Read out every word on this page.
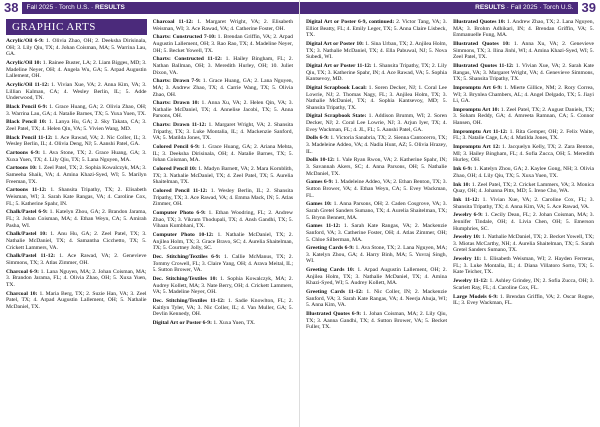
38	Fall 2025 · Torch U.S. · RESULTS
GRAPHIC ARTS

Acrylic/Oil 6-9: 1. Olivia Zhao, OH; 2. Deeksha Dirisinala, OH; 3. Lily Qiu, TX; 4. Johan Coisman, MA; 5. Warrina Lau, GA.

Acrylic/Oil 10: 1. Rainee Buster, LA; 2. Liam Bigges, MD; 3. Madeline Neyer, OH; 4. Angela Wu, GA; 5. Arpad Augustin Lallement, OH.

Acrylic/Oil 11-12: 1. Vivian Xue, VA; 2. Anna Kim, VA; 3. Lillian Kalman, CA; 4. Wesley Berlin, IL; 5. Adde Underwood, TN.

Black Pencil 6-9: 1. Grace Huang, GA; 2. Olivia Zhao, OH; 3. Warrina Lau, GA; 4. Natalie Barnes, TX; 5. Yuxa Yuen, TX.

Black Pencil 10: 1. Lanya Hu, GA; 2. Sky Takata, CA; 3. Zeel Patel, TX; 4. Helen Qin, VA; 5. Vivien Wang, MD.

Black Pencil 11-12: 1. Ace Rawad, VA; 2. Nic Coller, IL; 3. Wesley Berlin, IL; 4. Olivia Deng, NJ; 5. Aanshi Patel, GA.

Cartoons 6-9: 1. Ava Stone, TX; 2. Grace Huang, GA; 3. Xuxa Yuen, TX; 4. Lily Qiu, TX; 5. Lana Nguyen, MA.

Cartoons 10: 1. Zeel Patel, TX; 2. Sophia Kowalczyk, MA; 3. Sameeha Shaik, VA; 4. Amina Khazi-Syed, WI; 5. Marilyn Freeman, TX.

Cartoons 11-12: 1. Shansita Tripathy, TX; 2. Elisabeth Weisman, WI; 3. Sarah Kate Rangas, VA; 4. Caroline Cox, FL; 5. Katherine Spahr, IN.

Chalk/Pastel 6-9: 1. Katelyn Zhou, GA; 2. Brandon Jarama, FL; 3. Johan Coisman, MA; 4. Ethan Weyn, CA; 5. Amirah Pasha, WI.

Chalk/Pastel 10: 1. Anu Hu, GA; 2. Zeel Patel, TX; 3. Nathalie McDaniel, TX; 4. Samantha Cicchetto, TX; 5. Crickett Lammers, VA.

Chalk/Pastel 11-12: 1. Ace Rawad, VA; 2. Genevieve Simmons, TX; 3. Atlas Zimmer, OH.

Charcoal 6-9: 1. Lana Nguyen, MA; 2. Johan Coisman, MA; 3. Brandon Jarama, FL; 4. Olivia Zhao, OH; 5. Xuxa Yuen, TX.

Charcoal 10: 1. Maria Berg, TX; 2. Suzie Han, VA; 3. Zeel Patel, TX; 4. Arpad Augustin Lallement, OH; 5. Nathalie McDaniel, TX.

Charcoal 11-12: 1. Margaret Wright, VA; 2. Elisabeth Weisman, WI; 3. Ace Rawad, VA; 4. Catherine Foster, OH.

Charts: Constructed 7-10: 1. Brendan Griffin, VA; 2. Arpad Augustin Lallement, OH; 3. Rao Rao, TX; 4. Madeline Neyer, OH; 5. Becket Yowell, TX.

Charts: Constructed 11-12: 1. Hailey Bingham, FL; 2. Nathan Ballman, OH; 3. Meredith Hurley, OH; 10. Juliet Dixon, VA.

Charts: Drawn 7-9: 1. Grace Huang, GA; 2. Lana Nguyen, MA; 3. Andrew Zhao, TX; 4. Carrie Wang, TX; 5. Olivia Zhao, OH.

Charts: Drawn 10: 1. Anna Xu, VA; 2. Helen Qin, VA; 3. Nathalie McDaniel, TX; 4. Annelise Jacobi, TX; 5. Anna Parsons, OH.

Charts: Drawn 11-12: 1. Margaret Wright, VA; 2. Shansita Tripathy, TX; 3. Luke Montalia, IL; 4. Mackenzie Sanford, VA; 5. Matilda Jones, TX.

Colored Pencil 6-9: 1. Grace Huang, GA; 2. Ariana Mehta, IL; 3. Deeksha Dirisinala, OH; 4. Natalie Barnes, TX; 5. Johan Coisman, MA.

Colored Pencil 10: 1. Madyn Barnett, VA; 2. Mara Kornblith, TX; 3. Nathalie McDaniel, TX; 4. Zeel Patel, TX; 5. Aurelia Shaitelman, TX.

Colored Pencil 11-12: 1. Wesley Berlin, IL; 2. Shansita Tripathy, TX; 3. Ace Rawad, VA; 4. Emma Mack, IN; 5. Atlas Zimmer, OH.

Computer Photo 6-9: 1. Ethan Woodring, FL; 2. Andrew Zhao, TX; 3. Vikram Thodupali, TX; 4. Ansh Gandhi, TX; 5. Vihaan Kumbhani, TX.

Computer Photo 10-12: 1. Nathalie McDaniel, TX; 2. Anjilea Holm, TX; 3. Grace Bravo, SC; 4. Aurelia Shaitelman, TX; 5. Courtney Jolly, SC.

Dec. Stitching/Textiles 6-9: 1. Callie McManus, TX; 2. Tommy Crowell, FL; 3. Claire Yang, OH; 4. Arava Meital, IL; 5. Sutton Brower, VA.

Dec. Stitching/Textiles 10: 1. Sophia Kowalczyk, MA; 2. Audrey Kollett, MA; 3. Nate Berry, OH; 4. Crickett Lammers, VA; 5. Madeline Neyer, OH.

Dec. Stitching/Textiles 11-12: 1. Sadie Knowlton, FL; 2. Kaitlyn Tyler, VA; 3. Nic Coller, IL; 4. Van Muller, GA; 5. Devlin Kennedy, OH.

Digital Art or Poster 6-9: 1. Xuxa Yuen, TX.

RESULTS · Fall 2025 · Torch U.S. 39

Digital Art or Poster 6-9, continued: 2. Victor Tang, VA; 3. Elliot Beatty, FL; 4. Emily Leger, TX; 5. Anna Claire Lisbeck, TX.

Digital Art or Poster 10: 1. Sina Urban, TX; 2. Anjilea Holm, TX; 3. Nathalie McDaniel, TX; 4. Ella Pabuwal, NJ; 5. Nova Subedi, WI.

Digital Art or Poster 11-12: 1. Shansita Tripathy, TX; 2. Lily Qiu, TX; 3. Katherine Spahr, IN; 4. Ace Rawad, VA; 5. Sophia Kantsevoy, MD.

Digital Scrapbook Local: 1. Soren Decker, NJ; 1. Coral Lee Lowrie, NJ; 2. Thomas Nagy, FL; 3. Anjilea Holm, TX; 3. Nathalie McDaniel, TX; 4. Sophia Kantsevoy, MD; 5. Shansita Tripathy, TX.

Digital Scrapbook State: 1. Addison Brumm, WI; 2. Soren Decker, NJ; 2. Coral Lee Lowrie, NJ; 3. Arjun Iyer, TX; 4. Evey Wackman, FL; 4. JL, FL; 5. Aanshi Patel, GA.

Dolls 6-9: 1. Victoria Sanabria, TX; 2. Sienna Cantocerro, TX; 3. Madeleine Addeo, VA; 4. Nadia Hunt, AZ; 5. Olivia Hrazey, IL.

Dolls 10-12: 1. Vale Ryan Rwon, VA; 2. Katherine Spahr, IN; 3. Savannah Akers, SC; 4. Anna Parsons, OH; 5. Nathalie McDaniel, TX.

Games 6-9: 1. Madeleine Addeo, VA; 2. Ethan Benton, TX; 3. Sutton Brower, VA; 4. Ethan Weyn, CA; 5. Evey Wackman, FL.

Games 10: 1. Anna Parsons, OH; 2. Caden Cosgrove, VA; 3. Sarah Gretel Sanders Sumano, TX; 4. Aurelia Shaitelman, TX; 5. Brynn Bennett, MA.

Games 11-12: 1. Sarah Kate Rangas, VA; 2. Mackenzie Sanford, VA; 3. Catherine Foster, OH; 4. Atlas Zimmer, OH; 5. Chloe Silberman, MA.

Greeting Cards 6-9: 1. Ava Stone, TX; 2. Lana Nguyen, MA; 3. Katelyn Zhou, GA; 4. Harry Binh, MA; 5. Yuvraj Singh, WI.

Greeting Cards 10: 1. Arpad Augustin Lallement, OH; 2. Anjilea Holm, TX; 3. Nathalie McDaniel, TX; 4. Amina Khazi-Syed, WI; 5. Audrey Kollett, MA.

Greeting Cards 11-12: 1. Nic Coller, IN; 2. Mackenzie Sanford, VA; 3. Sarah Kate Rangas, VA; 4. Neerja Ahuja, WI; 5. Anna Kim, VA.

Illustrated Quotes 6-9: 1. Johan Coisman, MA; 2. Lily Qiu, TX; 3. Aanna Gandhi, TX; 4. Sutton Brower, VA; 5. Becket Fuller, TX.

Illustrated Quotes 10: 1. Andrew Zhao, TX; 2. Lana Nguyen, MA; 3. Brohm Adhikari, IN; 4. Brendan Griffin, VA; 5. Emmanuelle Fung, MA.

Illustrated Quotes 10: 1. Anna Xu, VA; 2. Genevieve Simmons, TX; 3. Ilina Jinhi, WI; 4. Amina Khazi-Syed, WI; 5. Zeel Patel, TX.

Illustrated Quotes 11-12: 1. Vivian Xue, VA; 2. Sarah Kate Rangas, VA; 3. Margaret Wright, VA; 4. Genevieve Simmons, TX; 5. Shansita Tripathy, TX.

Impromptu Art 6-9: 1. Mierte Gillice, NM; 2. Rory Correa, WI; 3. Brynlea Chambers, AL; 4. Angel Delgado, TX; 5. Jiayi Li, GA.

Impromptu Art 10: 1. Zeel Patel, TX; 2. August Daniels, TX; 3. Soham Reddy, GA; 4. Amreeta Ramnan, CA; 5. Connor Hansen, OH.

Impromptu Art 11-12: 1. Rita Gemper, OH; 2. Felix Waite, FL; 3. Natalie Cage, LA; 4. Matilda Jones, TX.

Impromptu Art 12: 1. Jacquelyn Kelly, TX; 2. Zara Benton, MI; 3. Hailey Bingham, FL; 4. Sofia Zucca, OH; 5. Meredith Hurley, OH.

Ink 6-9: 1. Katelyn Zhou, GA; 2. Kaylee Gong, NH; 3. Olivia Zhao, OH; 4. Lily Qiu, TX; 5. Xuxa Yuen, TX.

Ink 10: 1. Zeel Patel, TX; 2. Cricket Lammers, VA; 3. Monica Quay, OH; 4. Johanna Pitts, MD; 5. Irene Cho, WA.

Ink 11-12: 1. Vivian Xue, VA; 2. Caroline Cox, FL; 3. Shansita Tripathy, TX; 4. Anna Kim, VA; 5. Ace Rawad, VA.

Jewelry 6-9: 1. Cecily Dean, FL; 2. Johan Coisman, MA; 3. Jennifer Tindale, OH; 4. Livia Chen, OH; 5. Emerson Humphries, SC.

Jewelry 10: 1. Nathalie McDaniel, TX; 2. Becket Yowell, TX; 3. Miotas McCarthy, NH; 4. Aurelia Shaitelman, TX; 5. Sarah Gretel Sanders Sumano, TX.

Jewelry 11: 1. Elisabeth Weisman, WI; 2. Hayden Ferreras, FL; 3. Luke Montalia, IL; 4. Diana Villatoro Sorto, TX; 5. Kate Teicher, TX.

Jewelry 11-12: 1. Ashley Grindey, IN; 2. Sofia Zucca, OH; 3. Scarlett Ray, FL; 4. Caroline Cox, FL.

Large Models 6-9: 1. Brendan Griffin, VA; 2. Oscar Rogne, IL; 3. Evey Wackman, FL.
